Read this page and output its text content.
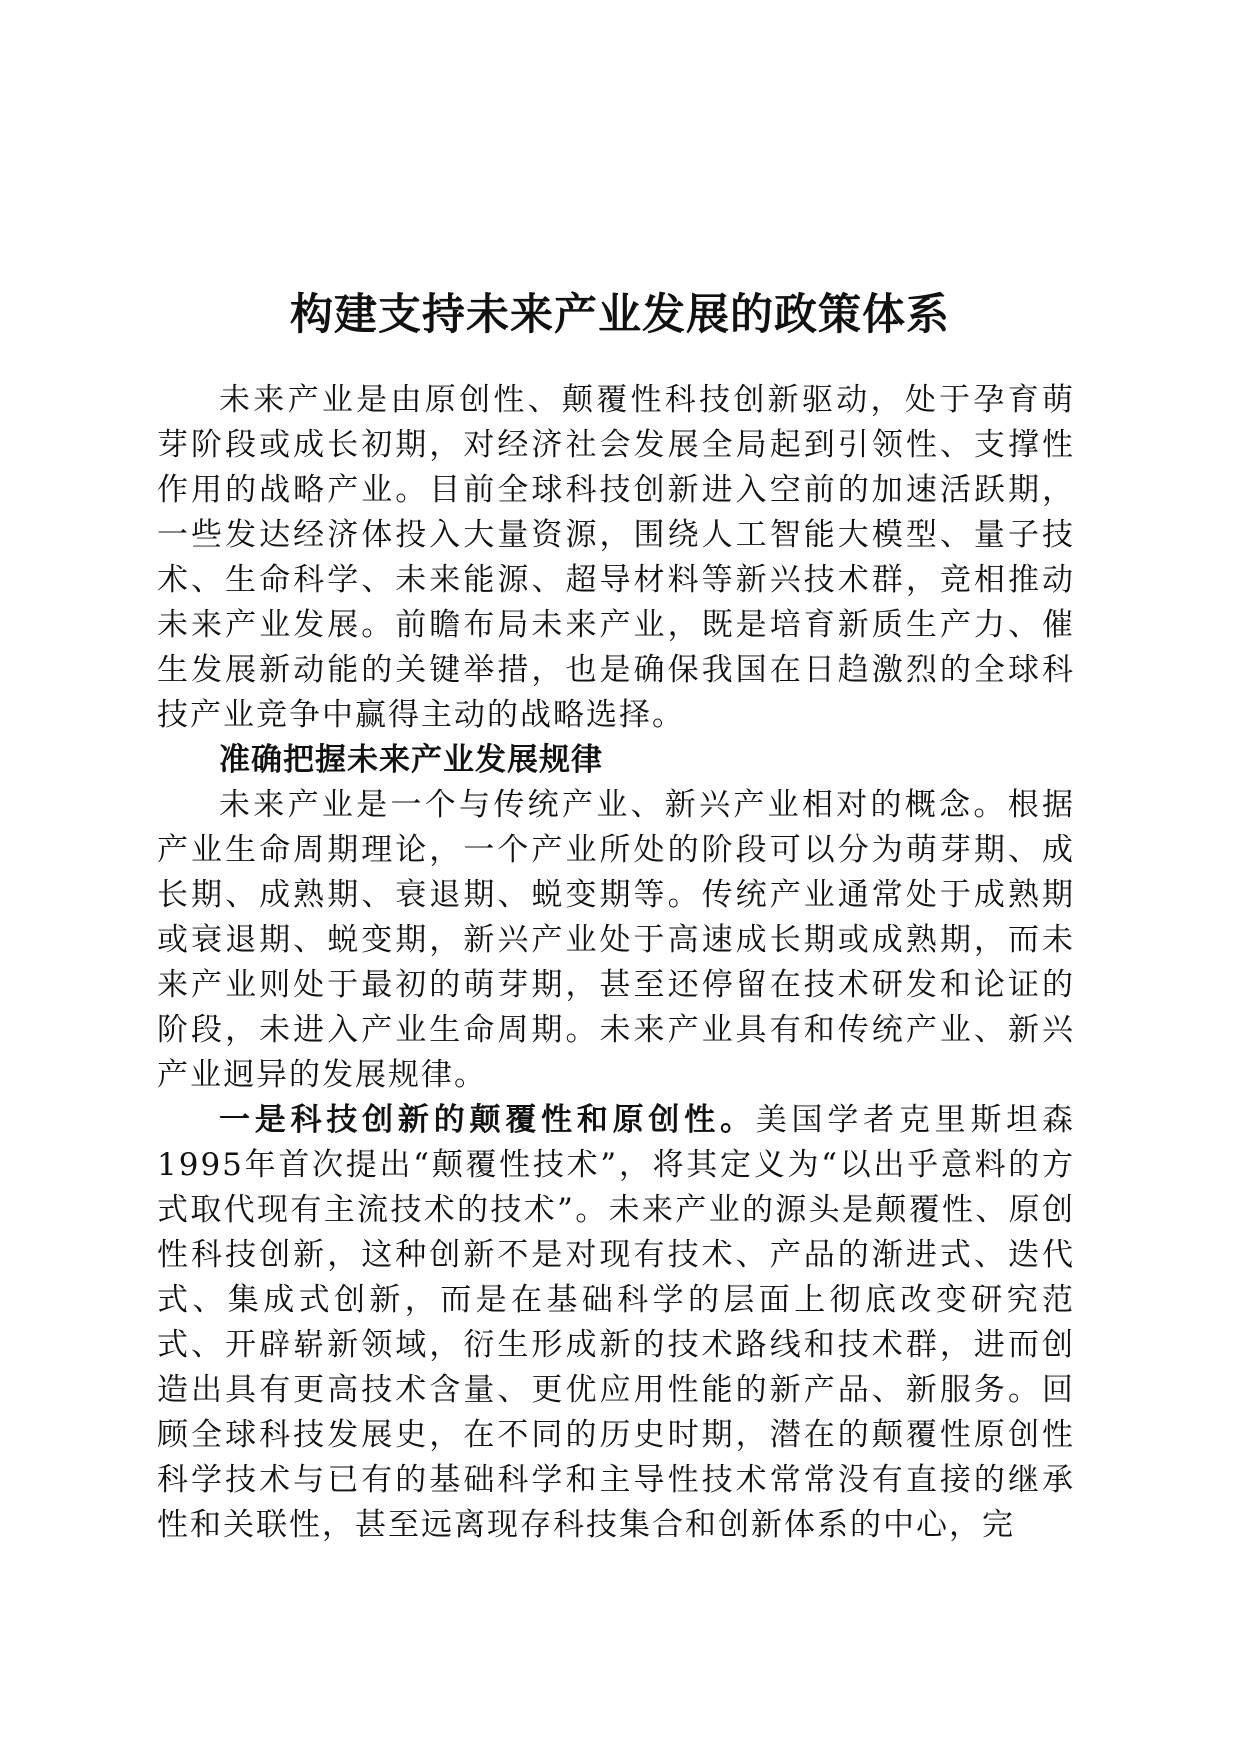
构建支持未来产业发展的政策体系

未来产业是由原创性、颠覆性科技创新驱动，处于孕育萌芽阶段或成长初期，对经济社会发展全局起到引领性、支撑性作用的战略产业。目前全球科技创新进入空前的加速活跃期，一些发达经济体投入大量资源，围绕人工智能大模型、量子技术、生命科学、未来能源、超导材料等新兴技术群，竞相推动未来产业发展。前瞻布局未来产业，既是培育新质生产力、催生发展新动能的关键举措，也是确保我国在日趋激烈的全球科技产业竞争中赢得主动的战略选择。

准确把握未来产业发展规律

未来产业是一个与传统产业、新兴产业相对的概念。根据产业生命周期理论，一个产业所处的阶段可以分为萌芽期、成长期、成熟期、衰退期、蜕变期等。传统产业通常处于成熟期或衰退期、蜕变期，新兴产业处于高速成长期或成熟期，而未来产业则处于最初的萌芽期，甚至还停留在技术研发和论证的阶段，未进入产业生命周期。未来产业具有和传统产业、新兴产业迥异的发展规律。

一是科技创新的颠覆性和原创性。美国学者克里斯坦森1995年首次提出“颠覆性技术”，将其定义为“以出乎意料的方式取代现有主流技术的技术”。未来产业的源头是颠覆性、原创性科技创新，这种创新不是对现有技术、产品的渐进式、迭代式、集成式创新，而是在基础科学的层面上彻底改变研究范式、开辟崭新领域，衍生形成新的技术路线和技术群，进而创造出具有更高技术含量、更优应用性能的新产品、新服务。回顾全球科技发展史，在不同的历史时期，潜在的颠覆性原创性科学技术与已有的基础科学和主导性技术常常没有直接的继承性和关联性，甚至远离现存科技集合和创新体系的中心，完
